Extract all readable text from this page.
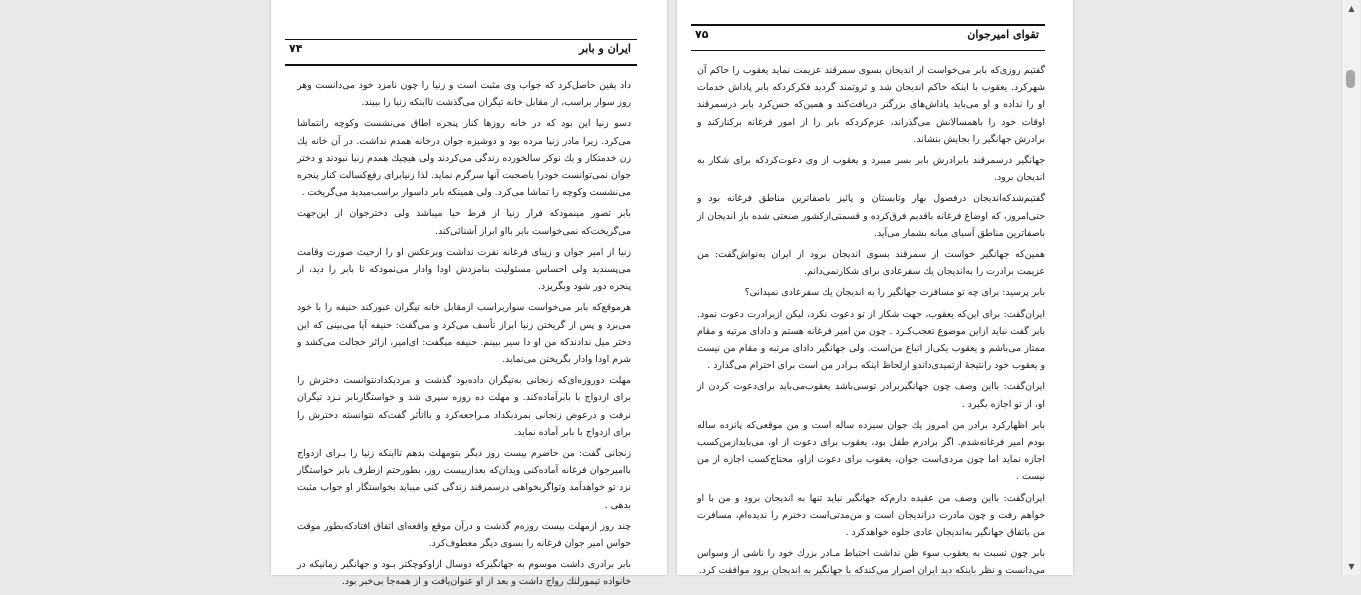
۷۴	ایران و بابر

داد یقین حاصل‌کرد که جواب وی مثبت است و زنیا را چون نامزد خود می‌دانست وهر روز سوار براسب، از مقابل خانه تیگران می‌گذشت تااینکه زنیا را ببیند.

دسو زنیا این بود که در خانه روزها کنار پنجره اطاق می‌نشست وکوچه رانتماشا می‌کرد. زیرا مادر زنیا مرده بود و دوشیزه جوان درخانه همدم نداشت. در آن خانه یك زن خدمتکار و یك نوکر سالخورده زندگی می‌کردند ولی هیچیك همدم زنیا نبودند و دختر جوان نمی‌توانست خودرا باصحبت آنها سرگرم نماید. لذا زنیابرای رفع‌کسالت کنار پنجره می‌نشست وکوچه را تماشا می‌کرد. ولی همینکه بابر داسوار براسب‌میدید می‌گریخت .

بابر تصور مینمودکه فرار زنیا از فرط حیا میباشد ولی دخترجوان از این‌جهت می‌گریخت‌که نمی‌خواست بابر بااو ابراز آشنائی‌کند.

زنیا از امیر جوان و زیبای فرغانه نفرت نداشت وبرعکس او را ازحیث صورت وقامت می‌پسندید ولی احساس مسئولیت بنامزدش اودا وادار می‌نمودکه تا بابر را دید، از پنجره دور شود وبگریزد.

هرموقع‌که بابر می‌خواست سواربراسب ازمقابل خانه تیگران عبورکند حنیفه را با خود می‌برد و پس از گریختن زنیا ابراز تأسف می‌کرد و می‌گفت: حنیفه آیا می‌بینی که این دختر میل ندادندکه من او دا سیر ببینم. حنیفه میگفت: ای‌امیر، ازاثر خجالت می‌کشد و شرم اودا وادار بگریختن می‌نماید.

مهلت دوروزه‌ای‌که زنجانی به‌تیگران داده‌بود گذشت و مردبکدادنتوانست دخترش را برای ازدواج با بابرآماده‌کند. و مهلت ده روزه سپری شد و خواستگاربابر نـزد تیگران نرفت و درعوض زنجانی بمردبکداد مـراجعه‌کرد و بااتأثر گفت‌که نتوانسته دخترش را برای ازدواج با بابر آماده نماید.

زنجانی گفت: من حاضرم بیست روز دیگر بتومهلت بدهم تااینکه زنیا را بـرای ازدواج باامیرجوان فرغانه آماده‌کنی وبدان‌که بعدازبیست روز، بطورحتم ازطرف بابر خواستگار نزد تو خواهدآمد وتواگربخواهی درسمرقند زندگی کنی میباید بخواستگار او جواب مثبت بدهی .

چند روز ازمهلت بیست روزه‌م گذشت و درآن موقع واقعه‌ای اتفاق افتادکه‌بطور موقت حواس امیر جوان فرغانه را بسوی دیگر معطوف‌کرد.

بابر برادری داشت موسوم به جهانگیرکه دوسال ازاوکوچکتر بـود و جهانگیر زمانیکه در خانواده تیمورلنك رواج داشت و بعد از او عنوان‌یافت و از همه‌جا بی‌خبر بود.

۷۵	تقوای امیرجوان

گفتیم روزی‌که بابر می‌خواست از اندیجان بسوی سمرقند عزیمت نماید یعقوب را حاکم آن شهرکرد. یعقوب با اینکه حاکم اندیجان شد و ثروتمند گردید فکرکردکه بابر پاداش خدمات او را نداده و او می‌باید پاداش‌های بزرگتر دریافت‌کند و همین‌که حس‌کرد بابر درسمرقند اوقات خود را باهمسالانش می‌گذراند، عزم‌کردکه بابر را از امور فرغانه برکنارکند و برادرش جهانگیر را بجایش بنشاند.

جهانگیر درسمرقند بابرادرش بابر بسر میبرد و یعقوب از وی دعوت‌کردکه برای شکار به اندیجان برود.

گفتیم‌شدکه‌اندیجان درفصول بهار وتابستان و پائیز باصفاترین مناطق فرغانه بود و حتی‌امروز، که اوضاع فرغانه باقدیم فرق‌کرده و قسمتی‌ازکشور صنعتی شده باز اندیجان از باصفاترین مناطق آسیای میانه بشمار می‌آید.

همین‌که جهانگیر خواست از سمرقند بسوی اندیجان برود از ایران به‌نواش‌گفت: من عزیمت برادرت را به‌اندیجان یك سفرعادی برای شکارنمی‌دانم.

بابر پرسید: برای چه تو مسافرت جهانگیر را به اندیجان یك سفرعادی نمیدانی؟

ایران‌گفت: برای این‌که یعقوب، جهت شکار از تو دعوت نکرد، لیکن ازبرادرت دعوت نمود. بابر گفت نباید ازاین موضوع تعجب‌کـرد . چون من امیر فرغانه هستم و دادای مرتبه و مقام ممتاز می‌باشم و یعقوب یکی‌از اتباع من‌است. ولی جهانگیر دادای مرتبه و مقام من نیست و یعقوب خود رانتیجهٔ ازتمیدی‌داندو ازلحاظ اینکه بـرادر من است برای احترام می‌گذارد .

ایران‌گفت: بااین وصف چون جهانگیربرادر توسی‌باشد یعقوب‌می‌باید برای‌دعوت کردن از او، از تو اجازه بگیرد .

بابر اظهارکرد برادر من امروز یك جوان سیزده ساله است و من موقعی‌که پانزده ساله بودم امیر فرغانه‌شدم. اگر برادرم طفل بود، یعقوب برای دعوت از او، می‌بایدازمن‌کسب اجازه نماید اما چون مردی‌است جوان، یعقوب برای دعوت ازاو، محتاج‌کسب اجازه از من نیست .

ایران‌گفت: بااین وصف من عقیده دارم‌که جهانگیر نباید تنها به اندیجان برود و من با او خواهم رفت و چون مادرت دراندیجان است و من‌مدتی‌است دخترم را ندیده‌ام، مسافرت من باتفاق جهانگیر به‌اندیجان عادی جلوه خواهدکرد .

بابر چون نسبت به یعقوب سوء ظن نداشت احتیاط مـادر بزرك خود را ناشی از وسواس می‌دانست و نظر باینکه دید ایران اصرار می‌کندکه با جهانگیر به اندیجان برود موافقت کرد.

▲
▼
